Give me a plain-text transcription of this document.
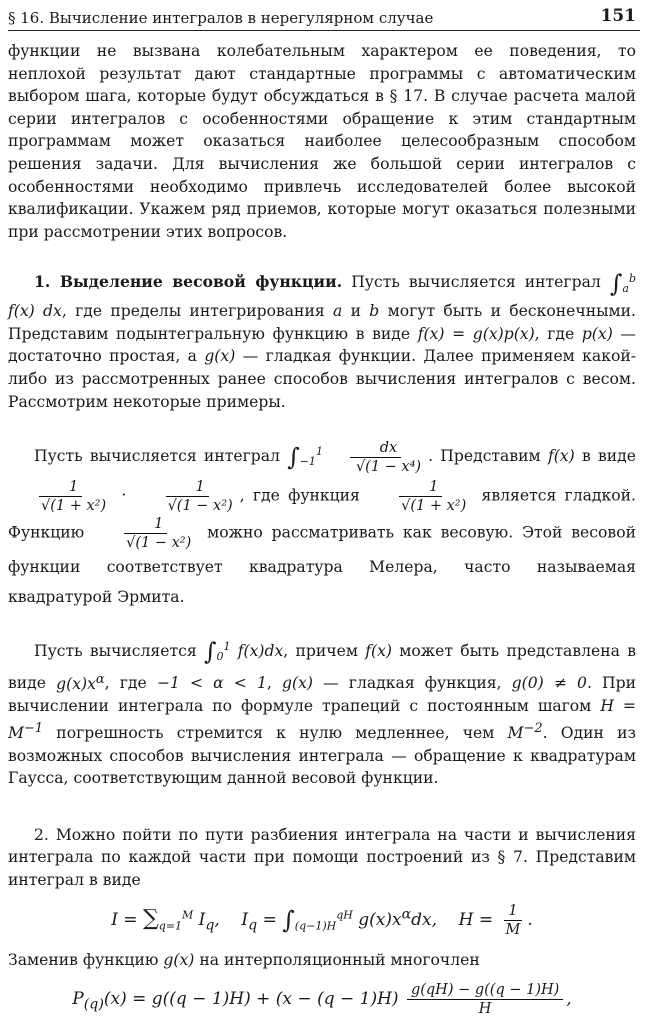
§ 16. Вычисление интегралов в нерегулярном случае	151

функции не вызвана колебательным характером ее поведения, то неплохой результат дают стандартные программы с автоматическим выбором шага, которые будут обсуждаться в § 17. В случае расчета малой серии интегралов с особенностями обращение к этим стандартным программам может оказаться наиболее целесообразным способом решения задачи. Для вычисления же большой серии интегралов с особенностями необходимо привлечь исследователей более высокой квалификации. Укажем ряд приемов, которые могут оказаться полезными при рассмотрении этих вопросов.

1. Выделение весовой функции. Пусть вычисляется интеграл $\int_a^b$ f(x) dx, где пределы интегрирования a и b могут быть и бесконечными. Представим подынтегральную функцию в виде f(x) = g(x)p(x), где p(x) — достаточно простая, а g(x) — гладкая функции. Далее применяем какой-либо из рассмотренных ранее способов вычисления интегралов с весом. Рассмотрим некоторые примеры.

Пусть вычисляется интеграл $\int_{-1}^1 \frac{dx}{\text{√(1 − x⁴)}}$ . Представим f(x) в виде
$\frac{1}{\text{√(1 + x²)}} \cdot \frac{1}{\text{√(1 − x²)}}$ , где функция $\frac{1}{\text{√(1 + x²)}}$ является гладкой. Функцию $\frac{1}{\text{√(1 − x²)}}$ можно рассматривать как весовую. Этой весовой функции соответствует квадратура Мелера, часто называемая квадратурой Эрмита.

Пусть вычисляется $\int_0^1$ f(x)dx, причем f(x) может быть представлена в виде $g(x)x^\alpha$, где −1 < α < 1, g(x) — гладкая функция, g(0) ≠ 0. При вычислении интеграла по формуле трапеций с постоянным шагом $H = M^{-1}$ погрешность стремится к нулю медленнее, чем $M^{-2}$. Один из возможных способов вычисления интеграла — обращение к квадратурам Гаусса, соответствующим данной весовой функции.

2. Можно пойти по пути разбиения интеграла на части и вычисления интеграла по каждой части при помощи построений из § 7. Представим интеграл в виде

$I = \sum_{q=1}^M$ $I_q$,    $I_q = \int_{(q-1)H}^{qH}$ $g(x)x^\alpha dx$,    $H = \frac{1}{M}$ .

Заменив функцию g(x) на интерполяционный многочлен

$P_{(q)}(x) = g((q - 1)H) + (x - (q - 1)H) \frac{g(qH) - g((q - 1)H)}{H}$ ,
